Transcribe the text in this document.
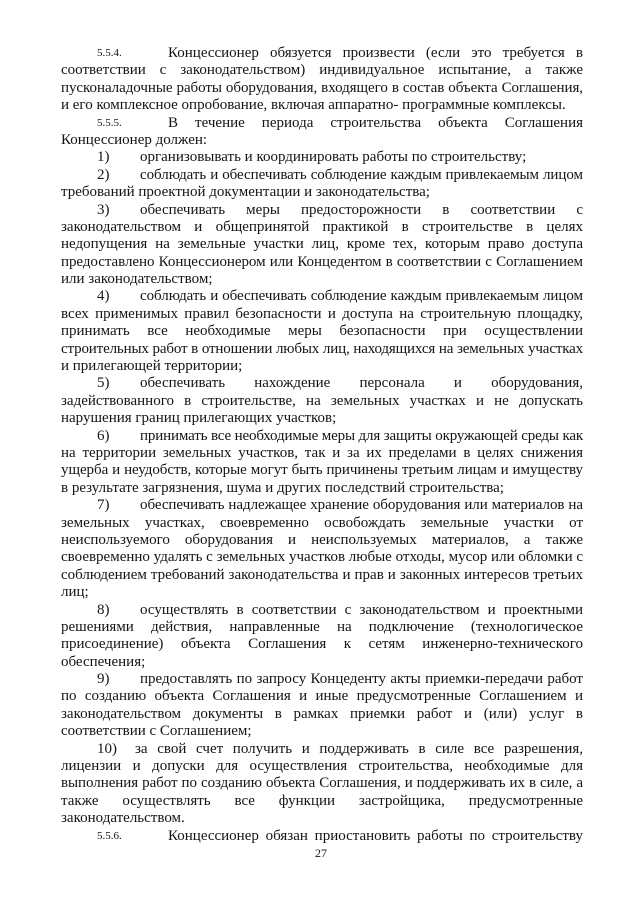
5.5.4.	Концессионер обязуется произвести (если это требуется в
соответствии с законодательством) индивидуальное испытание, а также
пусконаладочные работы оборудования, входящего в состав объекта Соглашения,
и его комплексное опробование, включая аппаратно- программные комплексы.
5.5.5.	В течение периода строительства объекта Соглашения
Концессионер должен:
1) организовывать и координировать работы по строительству;
2) соблюдать и обеспечивать соблюдение каждым привлекаемым лицом
требований проектной документации и законодательства;
3) обеспечивать меры предосторожности в соответствии с
законодательством и общепринятой практикой в строительстве в целях
недопущения на земельные участки лиц, кроме тех, которым право доступа
предоставлено Концессионером или Концедентом в соответствии с Соглашением
или законодательством;
4) соблюдать и обеспечивать соблюдение каждым привлекаемым лицом
всех применимых правил безопасности и доступа на строительную площадку,
принимать все необходимые меры безопасности при осуществлении
строительных работ в отношении любых лиц, находящихся на земельных участках
и прилегающей территории;
5) обеспечивать нахождение персонала и оборудования,
задействованного в строительстве, на земельных участках и не допускать
нарушения границ прилегающих участков;
6) принимать все необходимые меры для защиты окружающей среды как
на территории земельных участков, так и за их пределами в целях снижения
ущерба и неудобств, которые могут быть причинены третьим лицам и имуществу
в результате загрязнения, шума и других последствий строительства;
7) обеспечивать надлежащее хранение оборудования или материалов на
земельных участках, своевременно освобождать земельные участки от
неиспользуемого оборудования и неиспользуемых материалов, а также
своевременно удалять с земельных участков любые отходы, мусор или обломки с
соблюдением требований законодательства и прав и законных интересов третьих
лиц;
8) осуществлять в соответствии с законодательством и проектными
решениями действия, направленные на подключение (технологическое
присоединение) объекта Соглашения к сетям инженерно-технического
обеспечения;
9) предоставлять по запросу Концеденту акты приемки-передачи работ
по созданию объекта Соглашения и иные предусмотренные Соглашением и
законодательством документы в рамках приемки работ и (или) услуг в
соответствии с Соглашением;
10) за свой счет получить и поддерживать в силе все разрешения,
лицензии и допуски для осуществления строительства, необходимые для
выполнения работ по созданию объекта Соглашения, и поддерживать их в силе, а
также осуществлять все функции застройщика, предусмотренные
законодательством.
5.5.6.	Концессионер обязан приостановить работы по строительству
27
